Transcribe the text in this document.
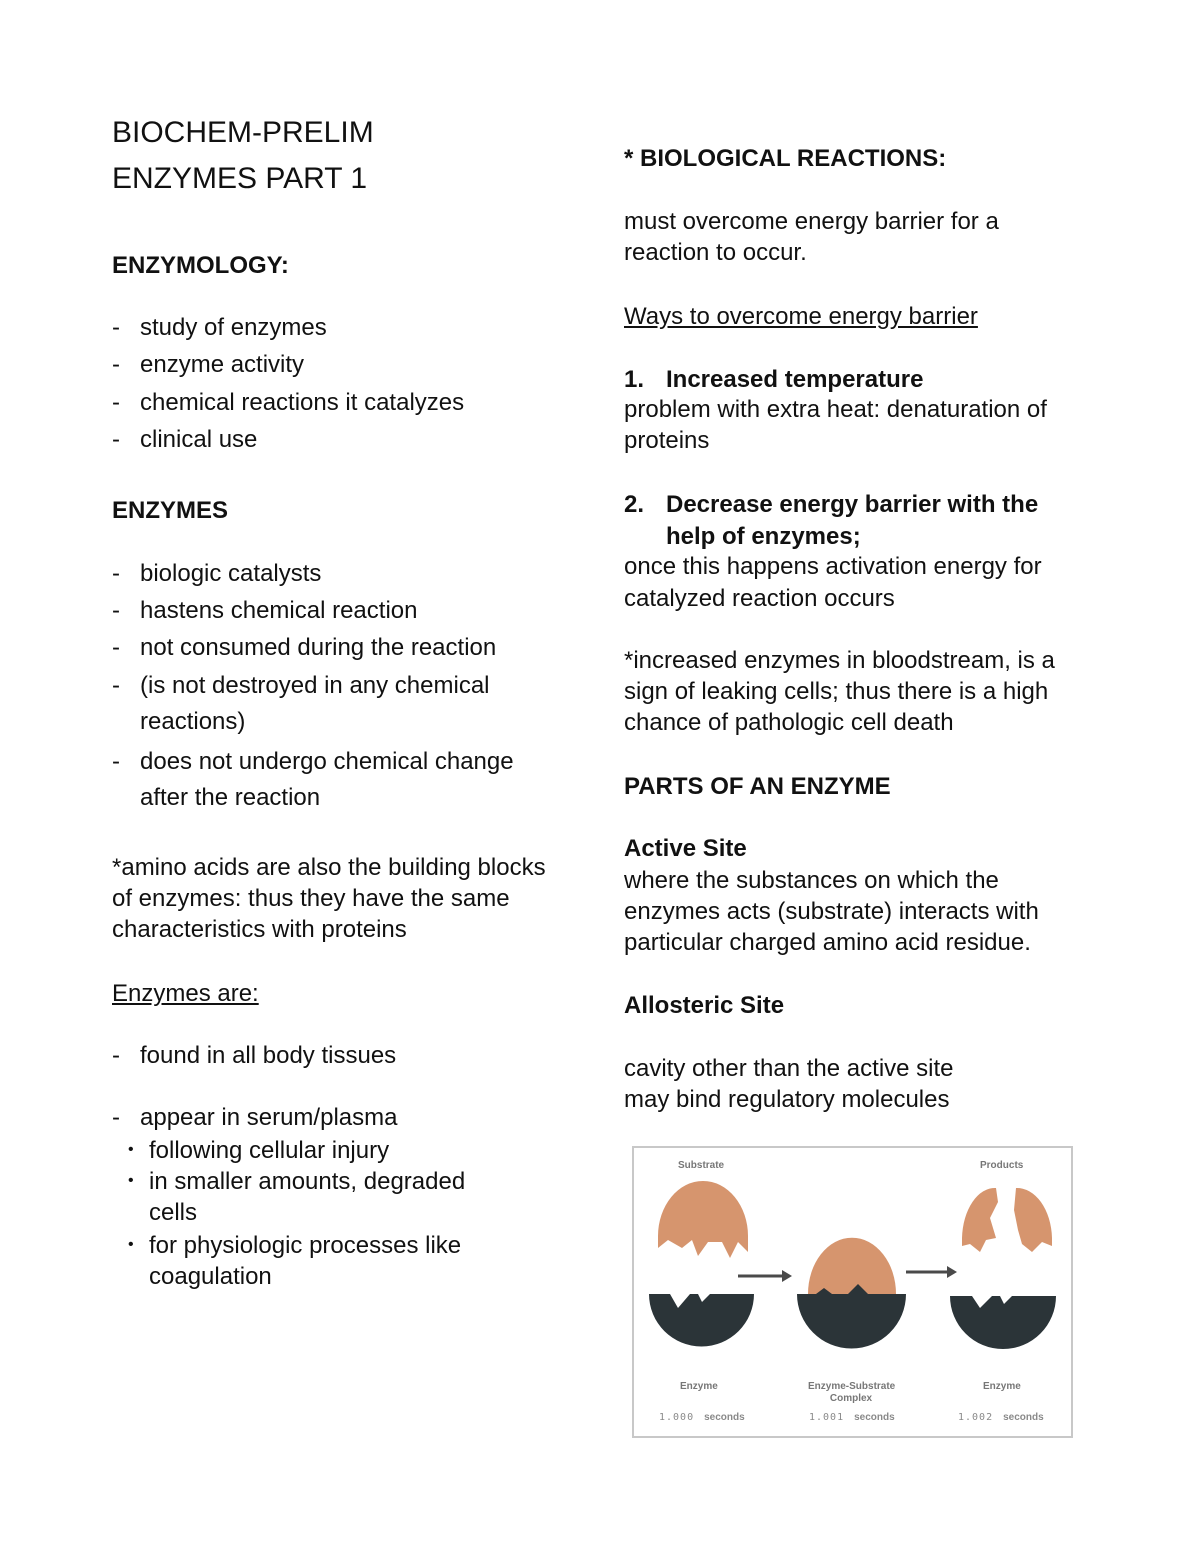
BIOCHEM-PRELIM
ENZYMES PART 1
ENZYMOLOGY:
- study of enzymes
- enzyme activity
- chemical reactions it catalyzes
- clinical use
ENZYMES
- biologic catalysts
- hastens chemical reaction
- not consumed during the reaction
- (is not destroyed in any chemical
reactions)
- does not undergo chemical change
after the reaction
*amino acids are also the building blocks
of enzymes: thus they have the same
characteristics with proteins
Enzymes are:
- found in all body tissues
- appear in serum/plasma
• following cellular injury
• in smaller amounts, degraded
cells
• for physiologic processes like
coagulation
* BIOLOGICAL REACTIONS:
must overcome energy barrier for a
reaction to occur.
Ways to overcome energy barrier
1. Increased temperature
problem with extra heat: denaturation of
proteins
2. Decrease energy barrier with the
help of enzymes;
once this happens activation energy for
catalyzed reaction occurs
*increased enzymes in bloodstream, is a
sign of leaking cells; thus there is a high
chance of pathologic cell death
PARTS OF AN ENZYME
Active Site
where the substances on which the
enzymes acts (substrate) interacts with
particular charged amino acid residue.
Allosteric Site
cavity other than the active site
may bind regulatory molecules
Substrate	Products
Enzyme	Enzyme-Substrate
Complex
Enzyme
1.000 seconds	1.001 seconds	1.002 seconds
